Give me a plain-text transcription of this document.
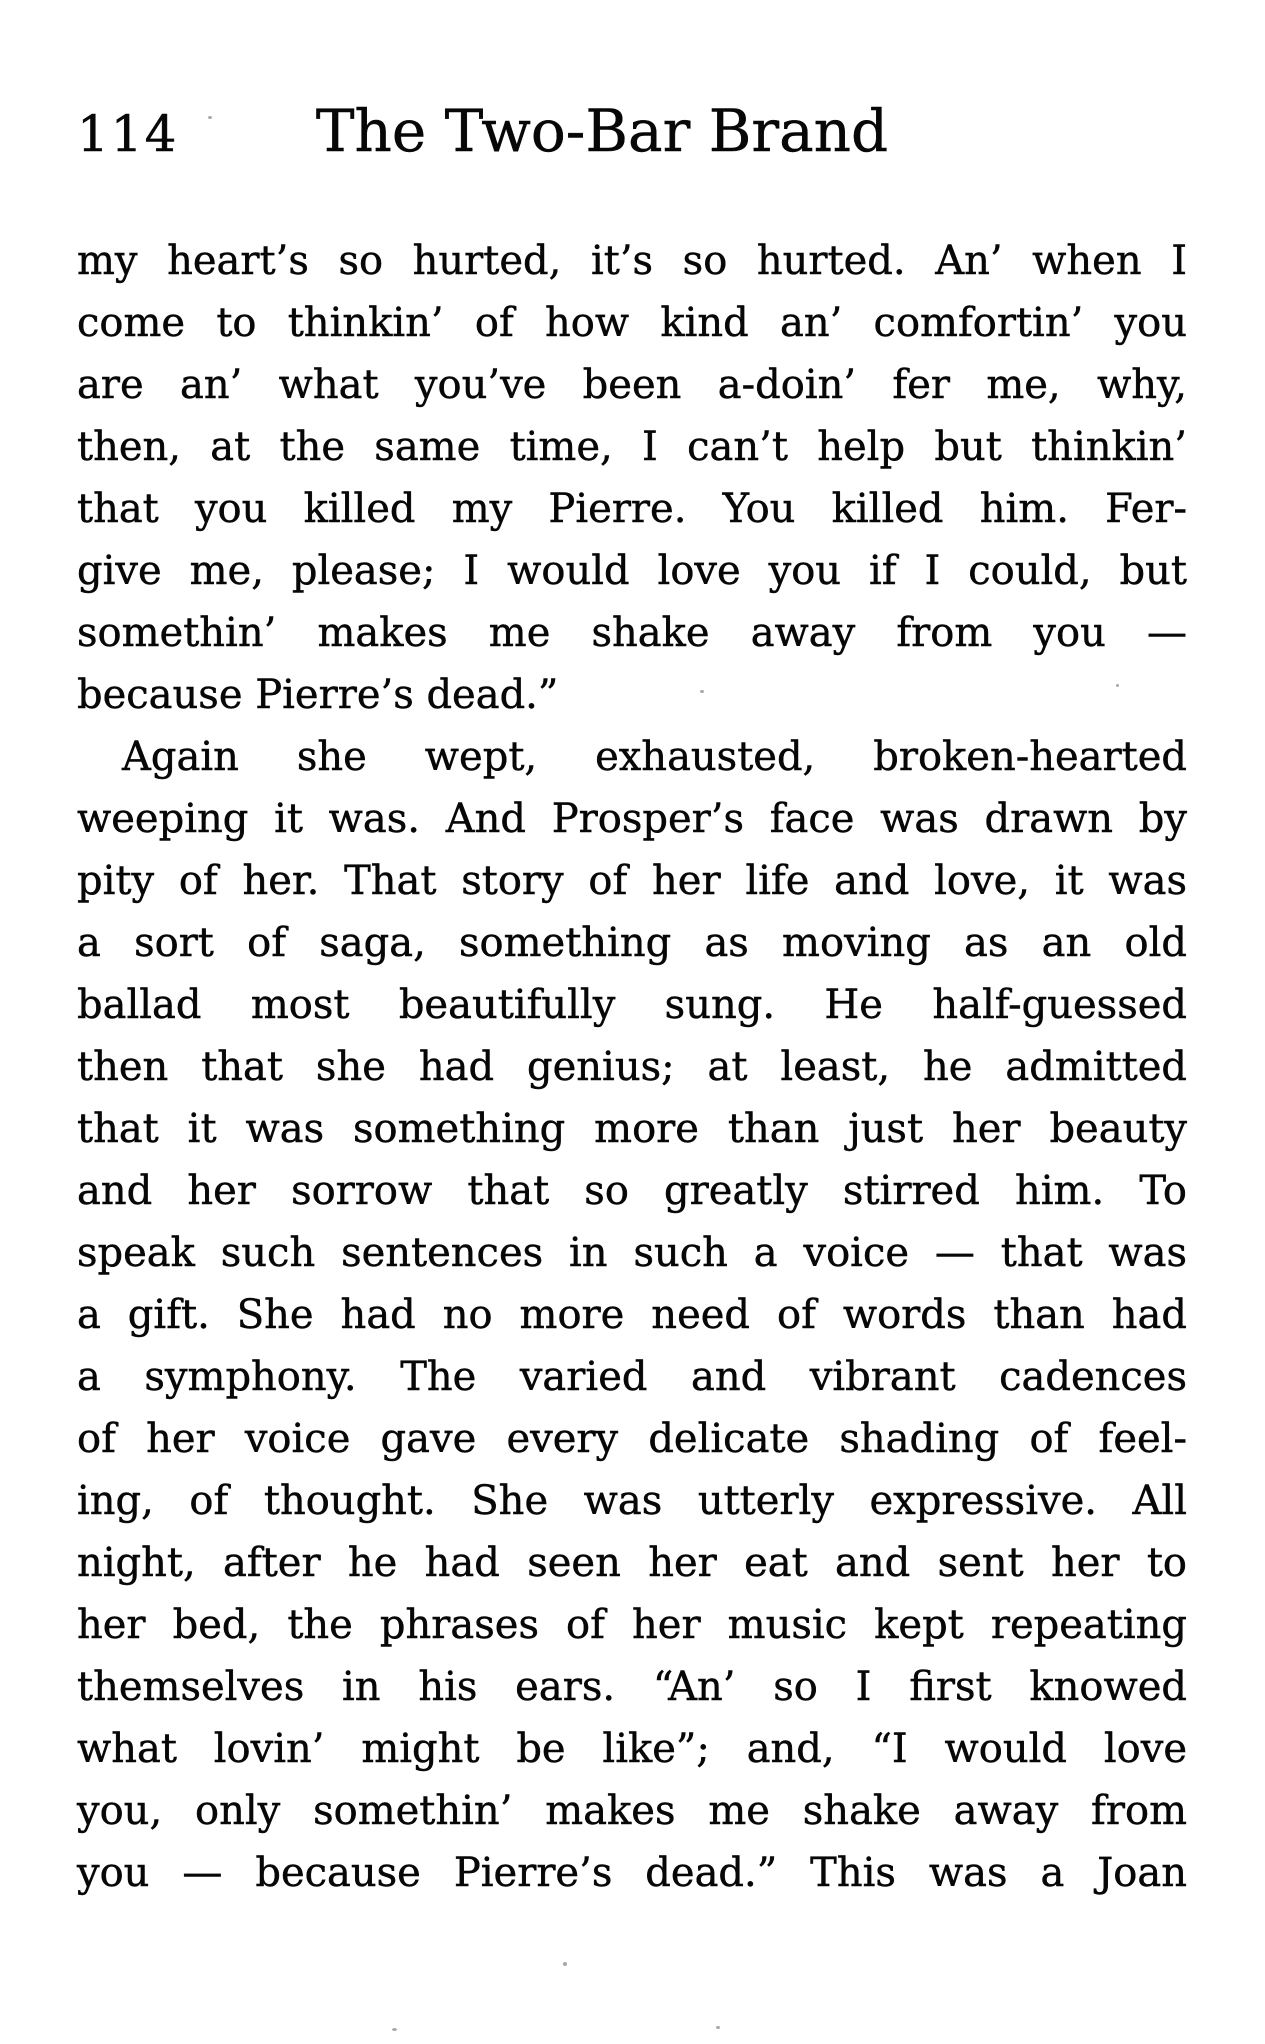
114	The Two-Bar Brand
my heart’s so hurted, it’s so hurted. An’ when I
come to thinkin’ of how kind an’ comfortin’ you
are an’ what you’ve been a-doin’ fer me, why,
then, at the same time, I can’t help but thinkin’
that you killed my Pierre. You killed him. Fer-
give me, please; I would love you if I could, but
somethin’ makes me shake away from you —
because Pierre’s dead.”
Again she wept, exhausted, broken-hearted
weeping it was. And Prosper’s face was drawn by
pity of her. That story of her life and love, it was
a sort of saga, something as moving as an old
ballad most beautifully sung. He half-guessed
then that she had genius; at least, he admitted
that it was something more than just her beauty
and her sorrow that so greatly stirred him. To
speak such sentences in such a voice — that was
a gift. She had no more need of words than had
a symphony. The varied and vibrant cadences
of her voice gave every delicate shading of feel-
ing, of thought. She was utterly expressive. All
night, after he had seen her eat and sent her to
her bed, the phrases of her music kept repeating
themselves in his ears. “An’ so I first knowed
what lovin’ might be like”; and, “I would love
you, only somethin’ makes me shake away from
you — because Pierre’s dead.” This was a Joan
